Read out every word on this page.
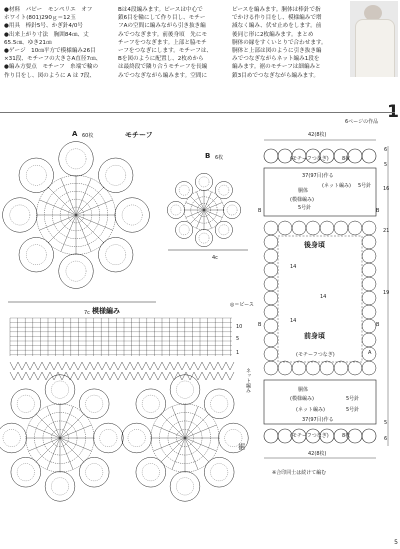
●材料　パピー　モンペリエ　オフ
ホワイト(801)290ｇ＝12玉
●用具　棒針5号、かぎ針4/0号
●出来上がり寸法　胸囲84㎝、丈
65.5㎝、ゆき21㎝
●ゲージ　10㎝平方で模様編み26目
×31段、モチーフの大きさA直径7㎝、
●編み方要点　モチーフ　糸端で輪の
作り目をし、図のように A は 7段、
Bは4段編みます。ピースは中心で
鎖6目を輪にして作り目し、モチー
フAの空間に編みながら引き抜き編
みでつなぎます。前後身頃　先にモ
チーフをつなぎます。上部と脇モチ
ーフをつなぎにします。モチーフは、
Bを図のように配置し、2枚めから
は最終段で隣り合うモチーフを長編
みでつなぎながら編みます。空間に
ピースを編みます。胴体は棒針で指
でかける作り目をし、模様編みで増
減なく編み、伏せ止めをします。前
後同じ形に2枚編みます。まとめ
胴体の縁をすくいとりで合わせます。
胴体と上部は図のように引き抜き編
みでつなぎながらネット編み1段を
編みます。裾のモチーフは細編みと
鎖3目めでつなぎながら編みます。
6ページの作品 1
A 60枚	モチーフ
B 6枚
7c
4c
模様編み
◎＝ピース
ネット編み
裾
10
5
1
42(8枚)
(モチーフつなぎ)	8枚
37(97目)作る
(ネット編み) 5号針
胴体
(模様編み)
5号針
後身頃
前身頃
(モチーフつなぎ)
胴体
(模様編み)	5号針
(ネット編み)	5号針
37(97目)作る
(モチーフつなぎ)	8枚
42(8枚)
※合印同士は続けて編む
6
5
16
21
19
5
6
14
14
14
B	B
B	B
A
5
